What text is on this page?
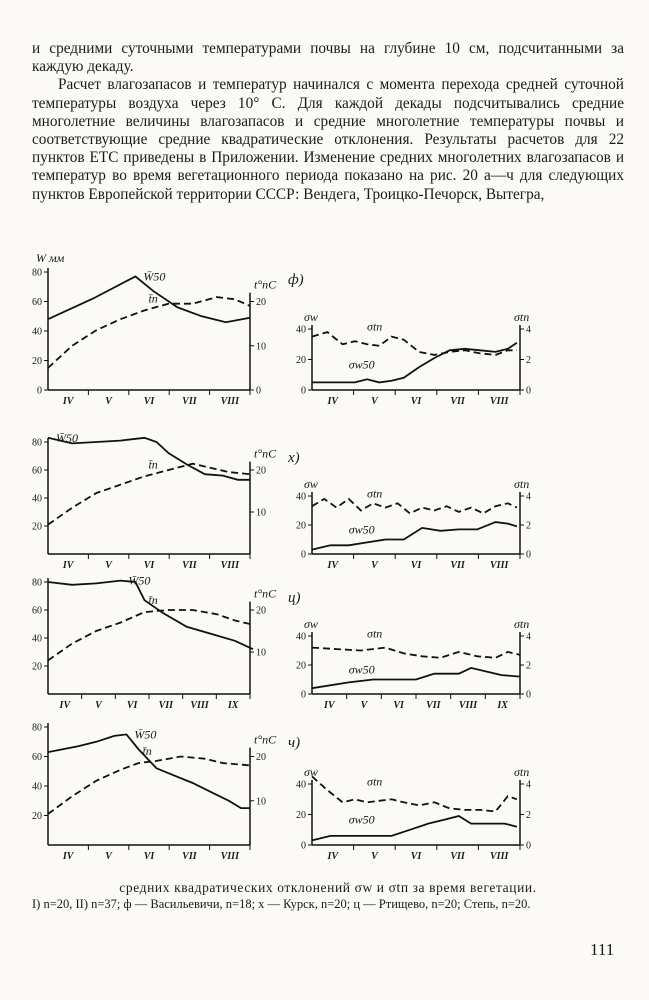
и средними суточными температурами почвы на глубине 10 см, подсчитанными за каждую декаду.

Расчет влагозапасов и температур начинался с момента перехода средней суточной температуры воздуха через 10° С. Для каждой декады подсчитывались средние многолетние величины влагозапасов и средние многолетние температуры почвы и соответствующие средние квадратические отклонения. Результаты расчетов для 22 пунктов ЕТС приведены в Приложении. Изменение средних многолетних влагозапасов и температур во время вегетационного периода показано на рис. 20 а—ч для следующих пунктов Европейской территории СССР: Вендега, Троицко-Печорск, Вытегра,

0
20
40
60
80
0
10
20
IV	V	VI	VII VIII
W̄50
t̄п
t°пC
W мм
ф)
0
20
40
0
2
4
IV	V	VI	VII	VIII
σw	σtп
σtп
σw50
20
40
60
80
10
20
IV	V	VI	VII VIII
W̄50
t̄п
t°пC х)
0
20
40
0
2
4
IV	V	VI	VII	VIII
σw	σtп
σtп
σw50
20
40
60
80
10
20
IV	V	VI VII VIII IX
W̄50
t̄п	t°пC ц)
0
20
40
0
2
4
IV	V	VI VII VIII IX
σw	σtп
σtп
σw50
20
40
60
80
10
20
IV	V	VI	VII VIII
W̄50
t̄п
t°пC ч)
0
20
40
0
2
4
IV	V	VI	VII	VIII
σw	σtп
σtп
σw50
средних квадратических отклонений σw и σtп за время вегетации.
I) n=20, II) n=37; ф — Васильевичи, n=18; х — Курск, n=20; ц — Ртищево, n=20; Степь, n=20.
111
